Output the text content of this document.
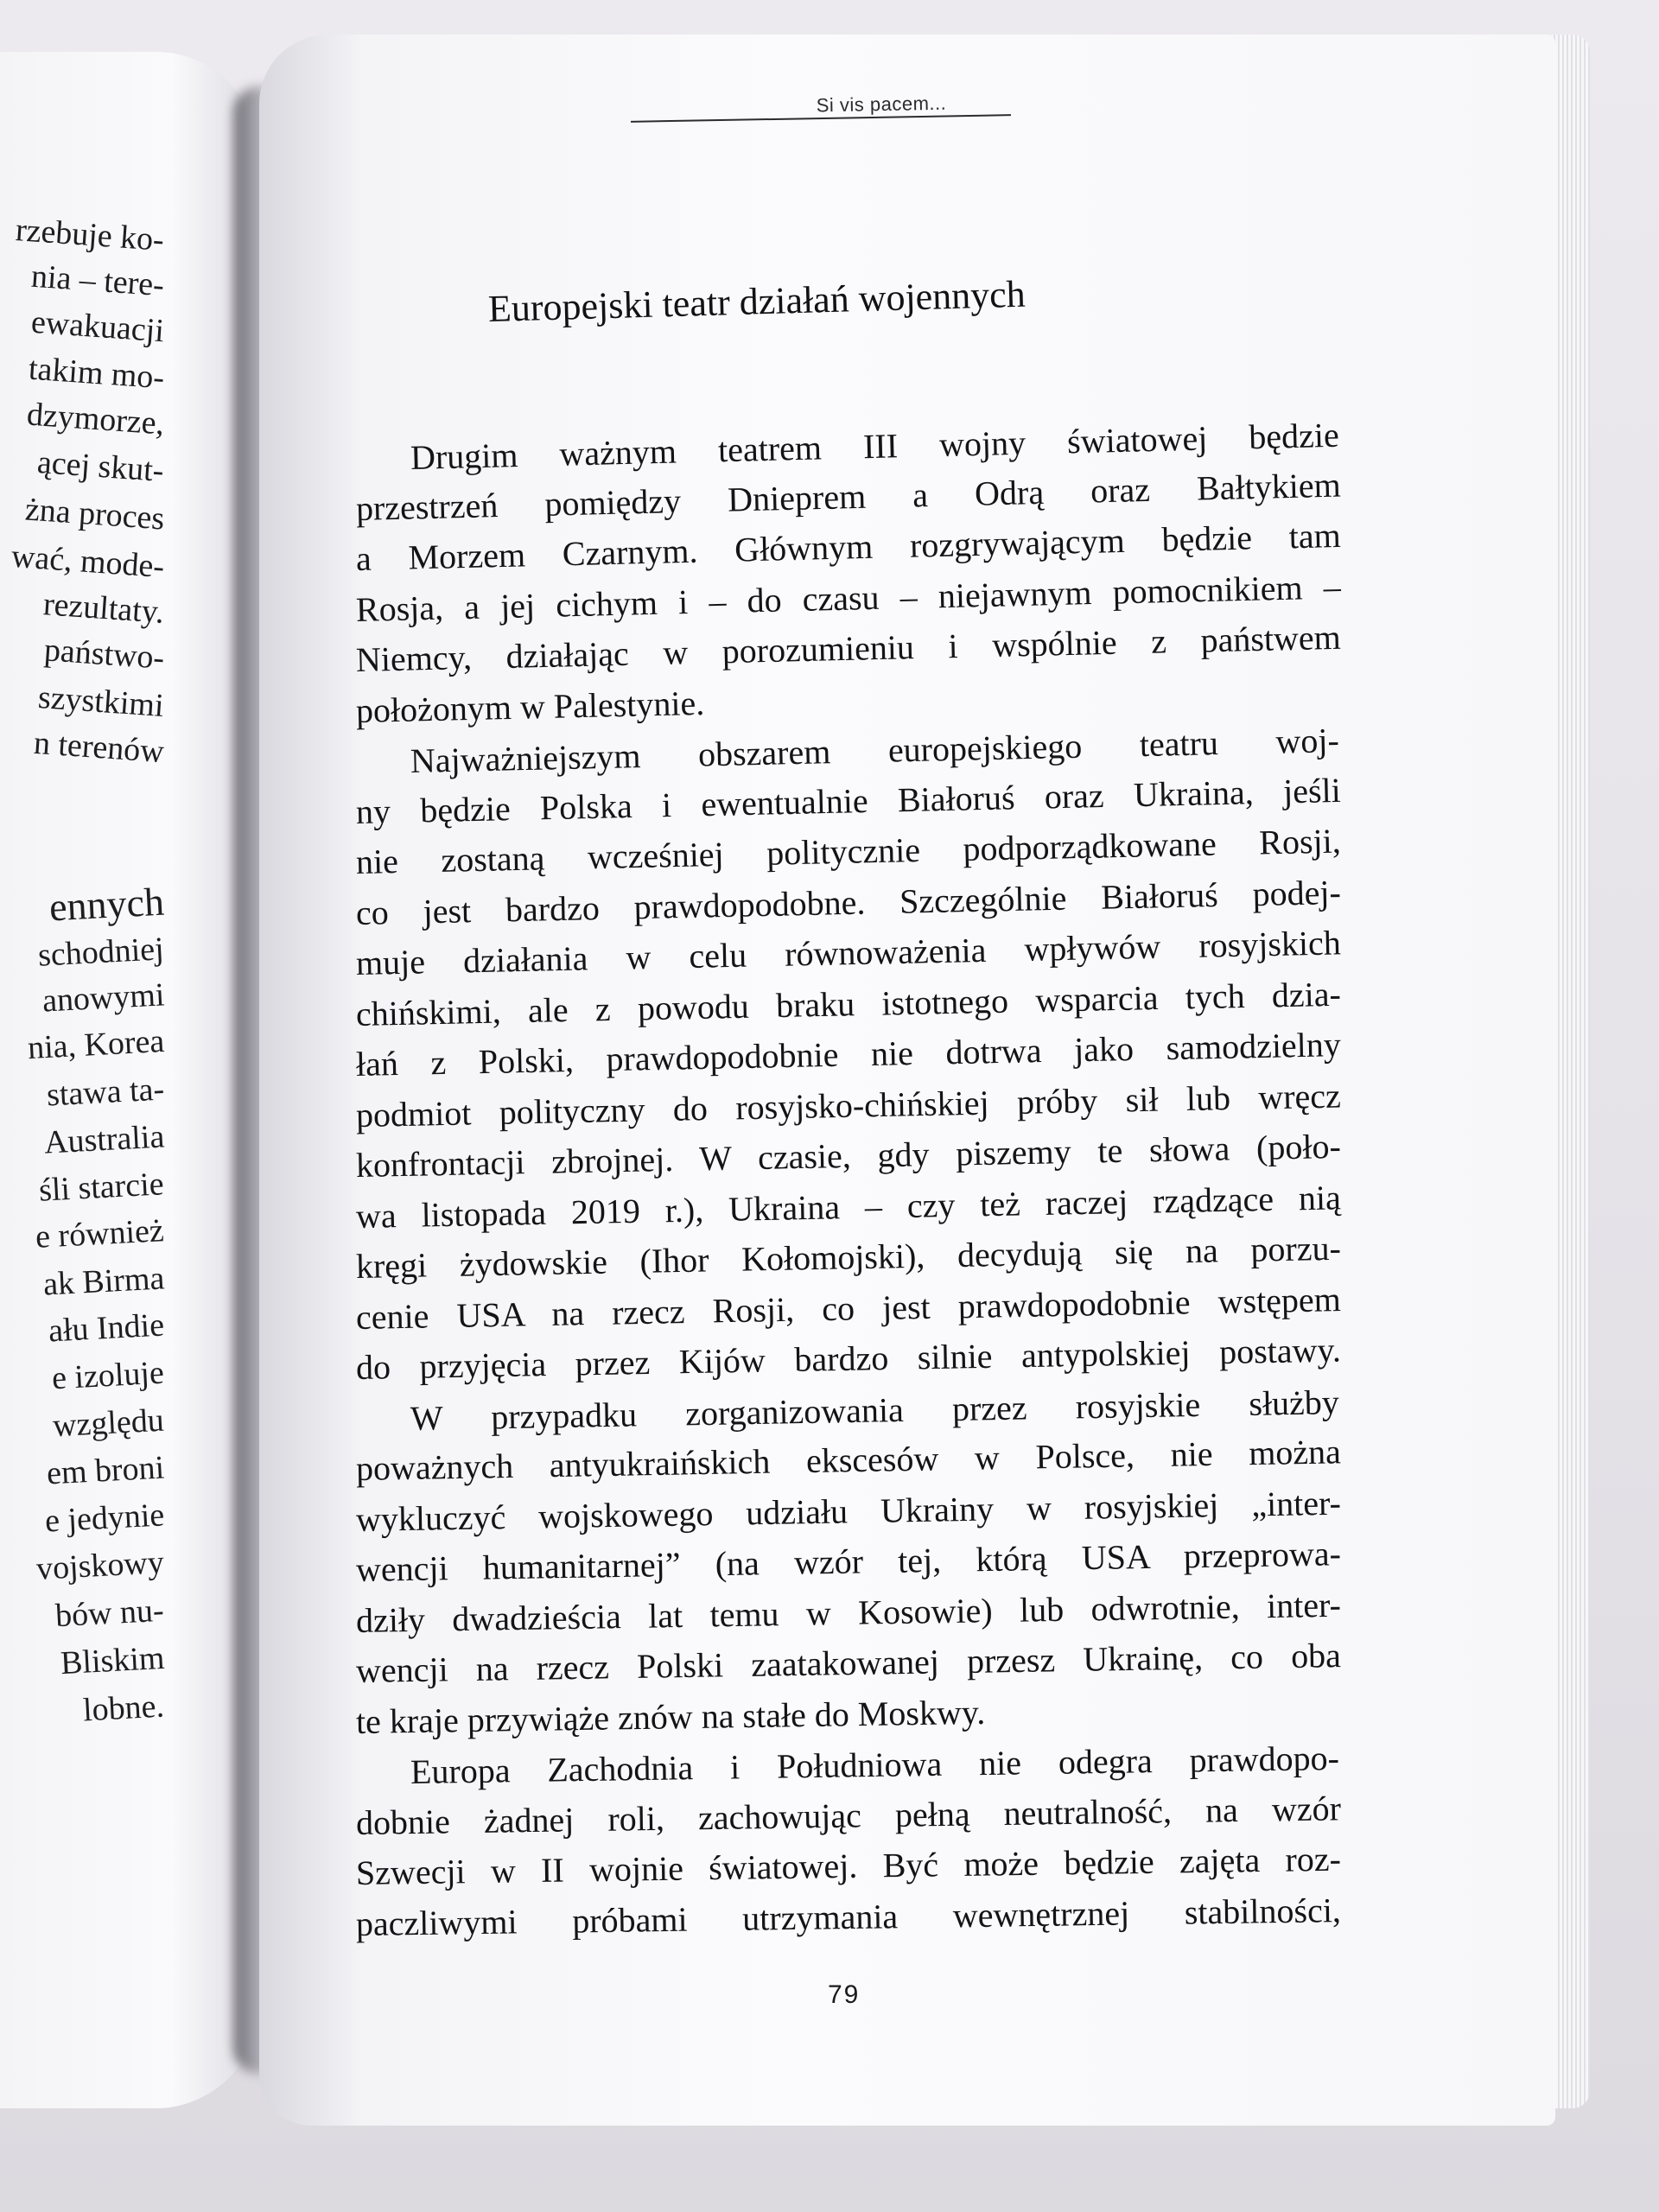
rzebuje ko-
nia – tere-
ewakuacji
takim mo-
dzymorze,
ącej skut-
żna proces
wać, mode-
rezultaty.
państwo-
szystkimi
n terenów
ennych
schodniej
anowymi
nia, Korea
stawa ta-
Australia
śli starcie
e również
ak Birma
ału Indie
e izoluje
względu
em broni
e jedynie
vojskowy
bów nu-
Bliskim
lobne.
Si vis pacem...
Europejski teatr działań wojennych
Drugim ważnym teatrem III wojny światowej będzie
przestrzeń pomiędzy Dnieprem a Odrą oraz Bałtykiem
a Morzem Czarnym. Głównym rozgrywającym będzie tam
Rosja, a jej cichym i – do czasu – niejawnym pomocnikiem –
Niemcy, działając w porozumieniu i wspólnie z państwem
położonym w Palestynie.
Najważniejszym obszarem europejskiego teatru woj-
ny będzie Polska i ewentualnie Białoruś oraz Ukraina, jeśli
nie zostaną wcześniej politycznie podporządkowane Rosji,
co jest bardzo prawdopodobne. Szczególnie Białoruś podej-
muje działania w celu równoważenia wpływów rosyjskich
chińskimi, ale z powodu braku istotnego wsparcia tych dzia-
łań z Polski, prawdopodobnie nie dotrwa jako samodzielny
podmiot polityczny do rosyjsko-chińskiej próby sił lub wręcz
konfrontacji zbrojnej. W czasie, gdy piszemy te słowa (poło-
wa listopada 2019 r.), Ukraina – czy też raczej rządzące nią
kręgi żydowskie (Ihor Kołomojski), decydują się na porzu-
cenie USA na rzecz Rosji, co jest prawdopodobnie wstępem
do przyjęcia przez Kijów bardzo silnie antypolskiej postawy.
W przypadku zorganizowania przez rosyjskie służby
poważnych antyukraińskich ekscesów w Polsce, nie można
wykluczyć wojskowego udziału Ukrainy w rosyjskiej „inter-
wencji humanitarnej” (na wzór tej, którą USA przeprowa-
dziły dwadzieścia lat temu w Kosowie) lub odwrotnie, inter-
wencji na rzecz Polski zaatakowanej przesz Ukrainę, co oba
te kraje przywiąże znów na stałe do Moskwy.
Europa Zachodnia i Południowa nie odegra prawdopo-
dobnie żadnej roli, zachowując pełną neutralność, na wzór
Szwecji w II wojnie światowej. Być może będzie zajęta roz-
paczliwymi próbami utrzymania wewnętrznej stabilności,
79
